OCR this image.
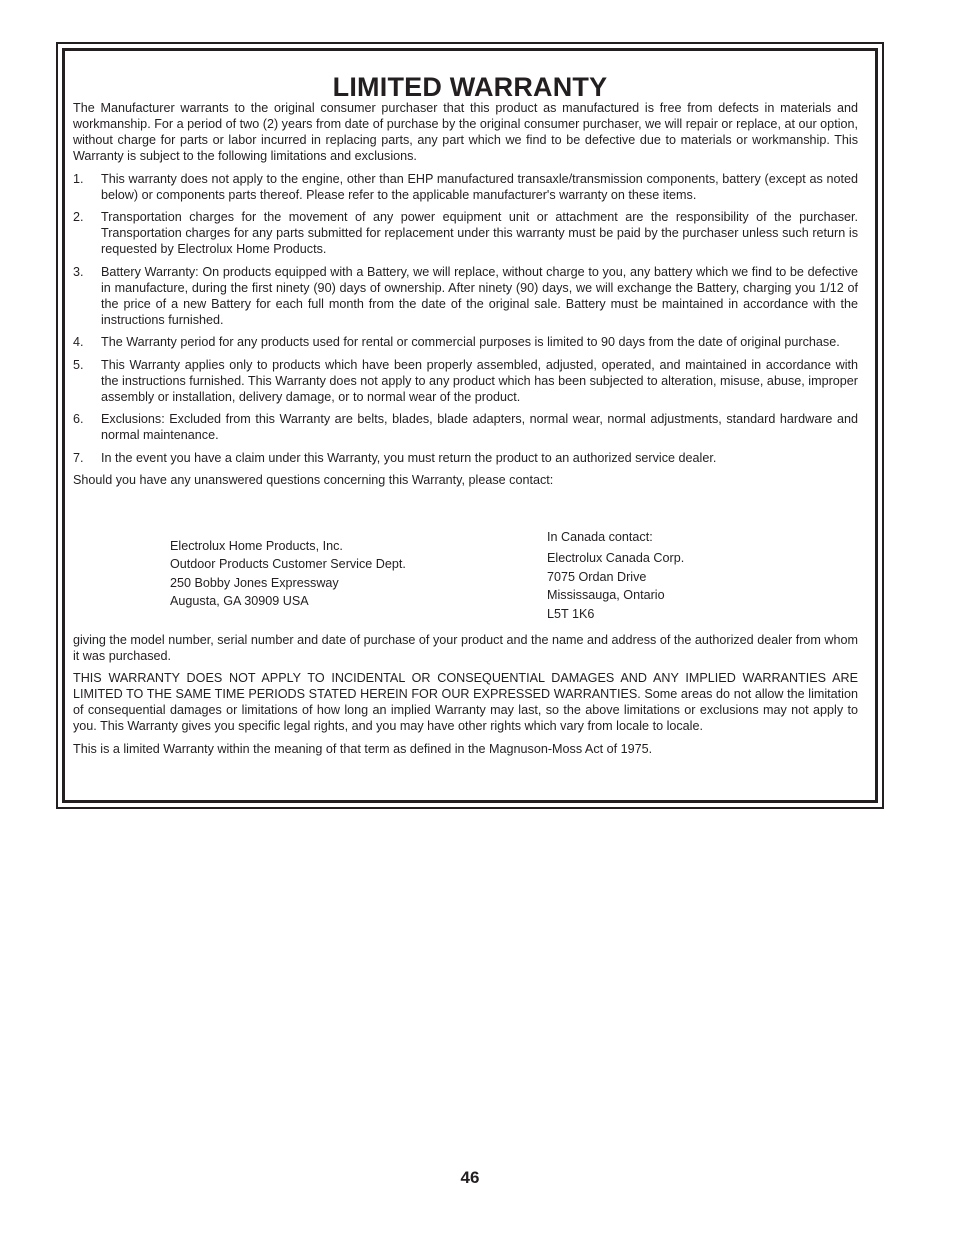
LIMITED WARRANTY

The Manufacturer warrants to the original consumer purchaser that this product as manufactured is free from defects in materials and workmanship. For a period of two (2) years from date of purchase by the original consumer purchaser, we will repair or replace, at our option, without charge for parts or labor incurred in replacing parts, any part which we find to be defective due to materials or workmanship. This Warranty is subject to the following limitations and exclusions.

1. This warranty does not apply to the engine, other than EHP manufactured transaxle/transmission components, battery (except as noted below) or components parts thereof. Please refer to the applicable manufacturer's warranty on these items.
2. Transportation charges for the movement of any power equipment unit or attachment are the responsibility of the purchaser. Transportation charges for any parts submitted for replacement under this warranty must be paid by the purchaser unless such return is requested by Electrolux Home Products.
3. Battery Warranty: On products equipped with a Battery, we will replace, without charge to you, any battery which we find to be defective in manufacture, during the first ninety (90) days of ownership. After ninety (90) days, we will exchange the Battery, charging you 1/12 of the price of a new Battery for each full month from the date of the original sale. Battery must be maintained in accordance with the instructions furnished.
4. The Warranty period for any products used for rental or commercial purposes is limited to 90 days from the date of original purchase.
5. This Warranty applies only to products which have been properly assembled, adjusted, operated, and maintained in accordance with the instructions furnished. This Warranty does not apply to any product which has been subjected to alteration, misuse, abuse, improper assembly or installation, delivery damage, or to normal wear of the product.
6. Exclusions: Excluded from this Warranty are belts, blades, blade adapters, normal wear, normal adjustments, standard hardware and normal maintenance.
7. In the event you have a claim under this Warranty, you must return the product to an authorized service dealer.

Should you have any unanswered questions concerning this Warranty, please contact:

Electrolux Home Products, Inc.
Outdoor Products Customer Service Dept.
250 Bobby Jones Expressway
Augusta, GA 30909 USA
In Canada contact:
Electrolux Canada Corp.
7075 Ordan Drive
Mississauga, Ontario
L5T 1K6

giving the model number, serial number and date of purchase of your product and the name and address of the authorized dealer from whom it was purchased.

THIS WARRANTY DOES NOT APPLY TO INCIDENTAL OR CONSEQUENTIAL DAMAGES AND ANY IMPLIED WARRANTIES ARE LIMITED TO THE SAME TIME PERIODS STATED HEREIN FOR OUR EXPRESSED WARRANTIES. Some areas do not allow the limitation of consequential damages or limitations of how long an implied Warranty may last, so the above limitations or exclusions may not apply to you. This Warranty gives you specific legal rights, and you may have other rights which vary from locale to locale.

This is a limited Warranty within the meaning of that term as defined in the Magnuson-Moss Act of 1975.

46
